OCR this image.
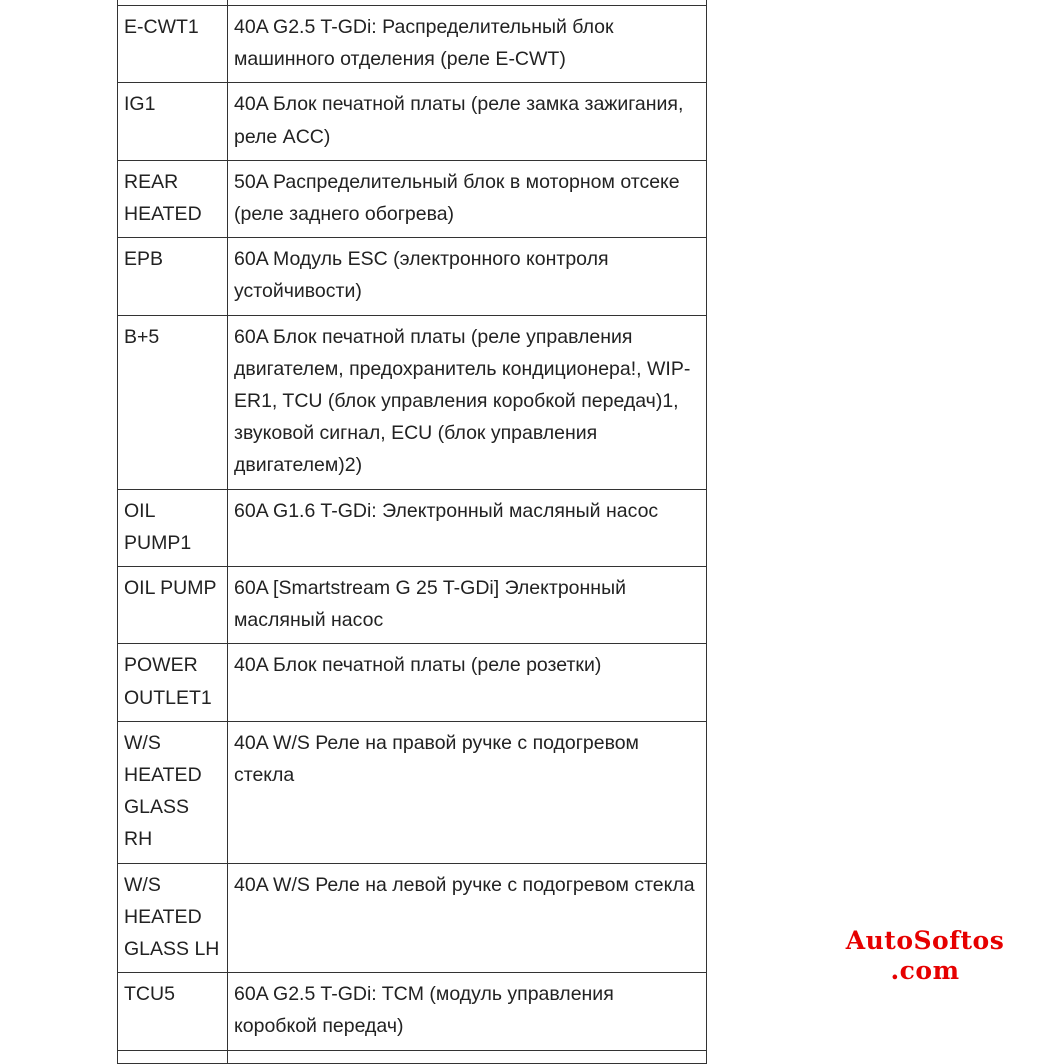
E-CWT1	40A G2.5 T-GDi: Распределительный блок машинного отделения (реле E-CWT)
IG1	40A Блок печатной платы (реле замка зажигания, реле ACC)
REAR HEATED	50A Распределительный блок в моторном отсеке (реле заднего обогрева)
EPB	60A Модуль ESC (электронного контроля устойчивости)
B+5	60A Блок печатной платы (реле управления двигателем, предохранитель кондиционера!, WIP-ER1, TCU (блок управления коробкой передач)1, звуковой сигнал, ECU (блок управления двигателем)2)
OIL PUMP1	60A G1.6 T-GDi: Электронный масляный насос
OIL PUMP	60A [Smartstream G 25 T-GDi] Электронный масляный насос
POWER OUTLET1	40A Блок печатной платы (реле розетки)
W/S HEATED GLASS RH	40A W/S Реле на правой ручке с подогревом стекла
W/S HEATED GLASS LH	40A W/S Реле на левой ручке с подогревом стекла
TCU5	60A G2.5 T-GDi: TCM (модуль управления коробкой передач)

AutoSoftos
.com
